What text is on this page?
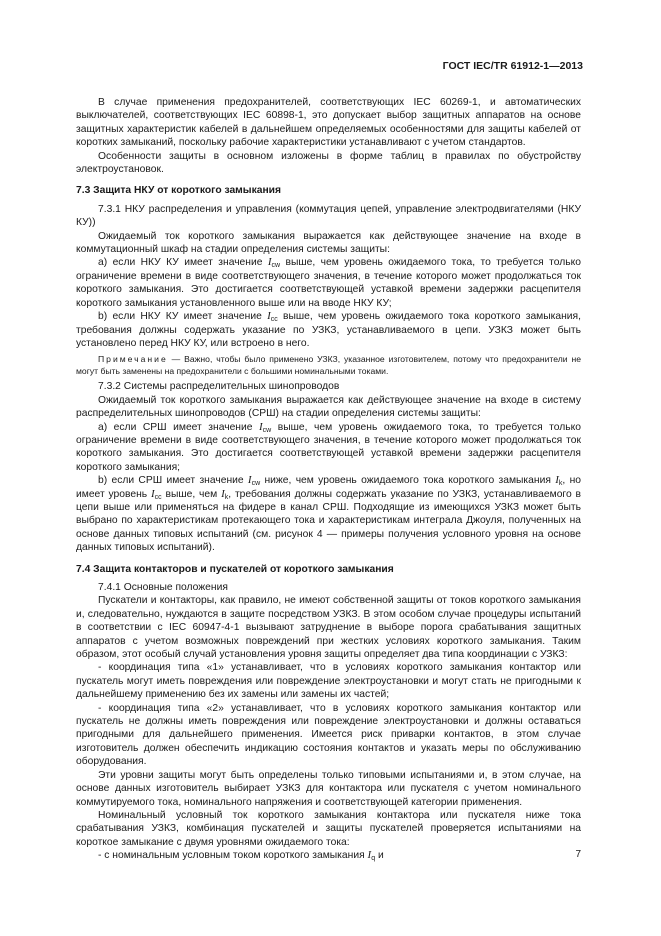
ГОСТ IEC/TR 61912-1—2013

В случае применения предохранителей, соответствующих IEC 60269-1, и автоматических выключателей, соответствующих IEC 60898-1, это допускает выбор защитных аппаратов на основе защитных характеристик кабелей в дальнейшем определяемых особенностями для защиты кабелей от коротких замыканий, поскольку рабочие характеристики устанавливают с учетом стандартов.

Особенности защиты в основном изложены в форме таблиц в правилах по обустройству электроустановок.

7.3 Защита НКУ от короткого замыкания

7.3.1 НКУ распределения и управления (коммутация цепей, управление электродвигателями (НКУ КУ))

Ожидаемый ток короткого замыкания выражается как действующее значение на входе в коммутационный шкаф на стадии определения системы защиты:

а) если НКУ КУ имеет значение $I_{cw}$ выше, чем уровень ожидаемого тока, то требуется только ограничение времени в виде соответствующего значения, в течение которого может продолжаться ток короткого замыкания. Это достигается соответствующей уставкой времени задержки расцепителя короткого замыкания установленного выше или на вводе НКУ КУ;

b) если НКУ КУ имеет значение $I_{cc}$ выше, чем уровень ожидаемого тока короткого замыкания, требования должны содержать указание по УЗКЗ, устанавливаемого в цепи. УЗКЗ может быть установлено перед НКУ КУ, или встроено в него.

Примечание — Важно, чтобы было применено УЗКЗ, указанное изготовителем, потому что предохранители не могут быть заменены на предохранители с большими номинальными токами.

7.3.2 Системы распределительных шинопроводов

Ожидаемый ток короткого замыкания выражается как действующее значение на входе в систему распределительных шинопроводов (СРШ) на стадии определения системы защиты:

а) если СРШ имеет значение $I_{cw}$ выше, чем уровень ожидаемого тока, то требуется только ограничение времени в виде соответствующего значения, в течение которого может продолжаться ток короткого замыкания. Это достигается соответствующей уставкой времени задержки расцепителя короткого замыкания;

b) если СРШ имеет значение $I_{cw}$ ниже, чем уровень ожидаемого тока короткого замыкания $I_k$, но имеет уровень $I_{cc}$ выше, чем $I_k$, требования должны содержать указание по УЗКЗ, устанавливаемого в цепи выше или применяться на фидере в канал СРШ. Подходящие из имеющихся УЗКЗ может быть выбрано по характеристикам протекающего тока и характеристикам интеграла Джоуля, полученных на основе данных типовых испытаний (см. рисунок 4 — примеры получения условного уровня на основе данных типовых испытаний).

7.4 Защита контакторов и пускателей от короткого замыкания

7.4.1 Основные положения

Пускатели и контакторы, как правило, не имеют собственной защиты от токов короткого замыкания и, следовательно, нуждаются в защите посредством УЗКЗ. В этом особом случае процедуры испытаний в соответствии с IEC 60947-4-1 вызывают затруднение в выборе порога срабатывания защитных аппаратов с учетом возможных повреждений при жестких условиях короткого замыкания. Таким образом, этот особый случай установления уровня защиты определяет два типа координации с УЗКЗ:

- координация типа «1» устанавливает, что в условиях короткого замыкания контактор или пускатель могут иметь повреждения или повреждение электроустановки и могут стать не пригодными к дальнейшему применению без их замены или замены их частей;

- координация типа «2» устанавливает, что в условиях короткого замыкания контактор или пускатель не должны иметь повреждения или повреждение электроустановки и должны оставаться пригодными для дальнейшего применения. Имеется риск приварки контактов, в этом случае изготовитель должен обеспечить индикацию состояния контактов и указать меры по обслуживанию оборудования.

Эти уровни защиты могут быть определены только типовыми испытаниями и, в этом случае, на основе данных изготовитель выбирает УЗКЗ для контактора или пускателя с учетом номинального коммутируемого тока, номинального напряжения и соответствующей категории применения.

Номинальный условный ток короткого замыкания контактора или пускателя ниже тока срабатывания УЗКЗ, комбинация пускателей и защиты пускателей проверяется испытаниями на короткое замыкание с двумя уровнями ожидаемого тока:

- с номинальным условным током короткого замыкания $I_q$ и	7
